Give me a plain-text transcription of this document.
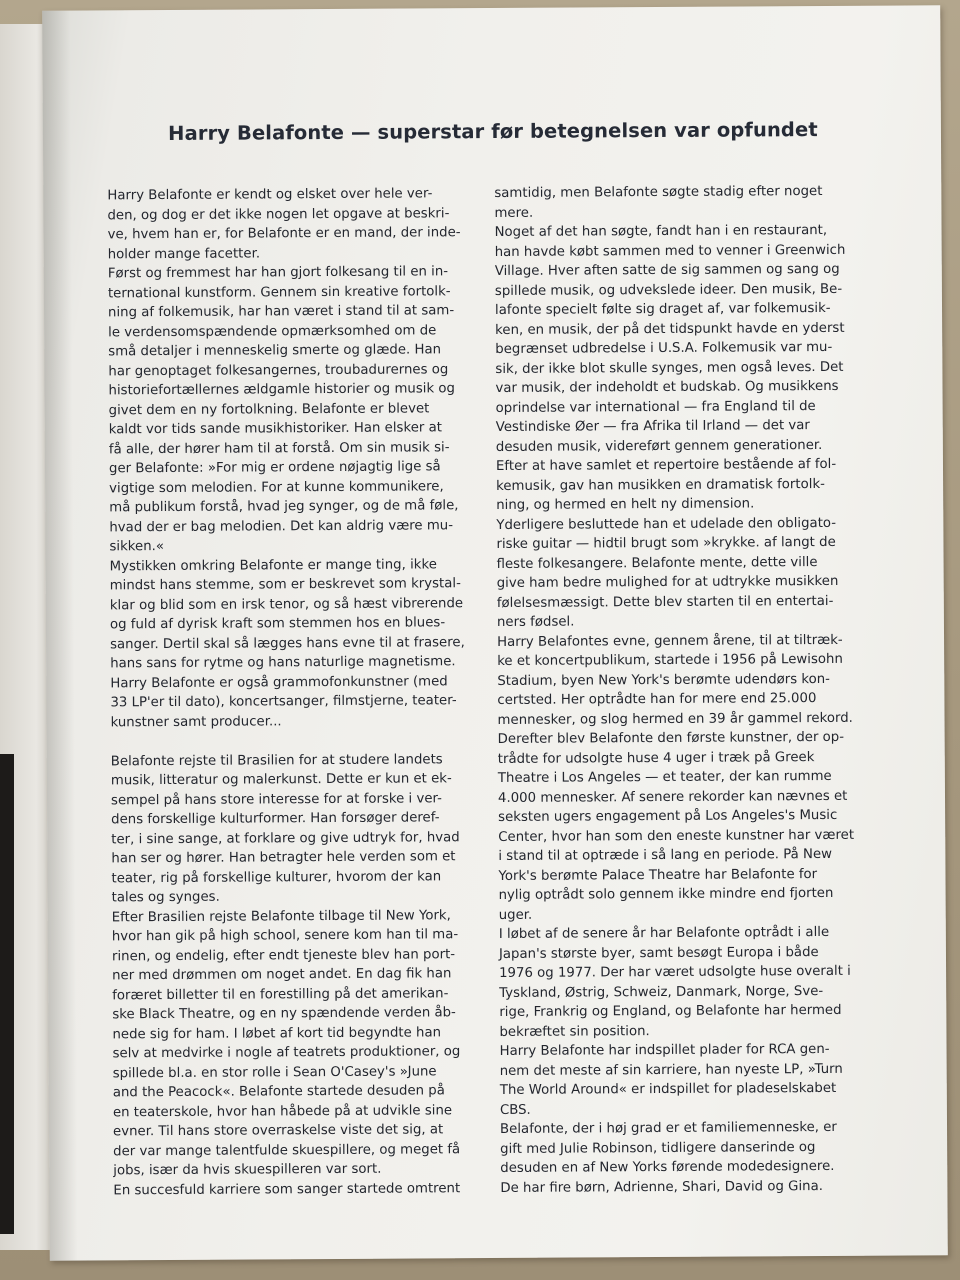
Harry Belafonte — superstar før betegnelsen var opfundet
Harry Belafonte er kendt og elsket over hele ver-
den, og dog er det ikke nogen let opgave at beskri-
ve, hvem han er, for Belafonte er en mand, der inde-
holder mange facetter.
Først og fremmest har han gjort folkesang til en in-
ternational kunstform. Gennem sin kreative fortolk-
ning af folkemusik, har han været i stand til at sam-
le verdensomspændende opmærksomhed om de
små detaljer i menneskelig smerte og glæde. Han
har genoptaget folkesangernes, troubadurernes og
historiefortællernes ældgamle historier og musik og
givet dem en ny fortolkning. Belafonte er blevet
kaldt vor tids sande musikhistoriker. Han elsker at
få alle, der hører ham til at forstå. Om sin musik si-
ger Belafonte: »For mig er ordene nøjagtig lige så
vigtige som melodien. For at kunne kommunikere,
må publikum forstå, hvad jeg synger, og de må føle,
hvad der er bag melodien. Det kan aldrig være mu-
sikken.«
Mystikken omkring Belafonte er mange ting, ikke
mindst hans stemme, som er beskrevet som krystal-
klar og blid som en irsk tenor, og så hæst vibrerende
og fuld af dyrisk kraft som stemmen hos en blues-
sanger. Dertil skal så lægges hans evne til at frasere,
hans sans for rytme og hans naturlige magnetisme.
Harry Belafonte er også grammofonkunstner (med
33 LP'er til dato), koncertsanger, filmstjerne, teater-
kunstner samt producer...
Belafonte rejste til Brasilien for at studere landets
musik, litteratur og malerkunst. Dette er kun et ek-
sempel på hans store interesse for at forske i ver-
dens forskellige kulturformer. Han forsøger deref-
ter, i sine sange, at forklare og give udtryk for, hvad
han ser og hører. Han betragter hele verden som et
teater, rig på forskellige kulturer, hvorom der kan
tales og synges.
Efter Brasilien rejste Belafonte tilbage til New York,
hvor han gik på high school, senere kom han til ma-
rinen, og endelig, efter endt tjeneste blev han port-
ner med drømmen om noget andet. En dag fik han
foræret billetter til en forestilling på det amerikan-
ske Black Theatre, og en ny spændende verden åb-
nede sig for ham. I løbet af kort tid begyndte han
selv at medvirke i nogle af teatrets produktioner, og
spillede bl.a. en stor rolle i Sean O'Casey's »June
and the Peacock«. Belafonte startede desuden på
en teaterskole, hvor han håbede på at udvikle sine
evner. Til hans store overraskelse viste det sig, at
der var mange talentfulde skuespillere, og meget få
jobs, især da hvis skuespilleren var sort.
En succesfuld karriere som sanger startede omtrent
samtidig, men Belafonte søgte stadig efter noget
mere.
Noget af det han søgte, fandt han i en restaurant,
han havde købt sammen med to venner i Greenwich
Village. Hver aften satte de sig sammen og sang og
spillede musik, og udvekslede ideer. Den musik, Be-
lafonte specielt følte sig draget af, var folkemusik-
ken, en musik, der på det tidspunkt havde en yderst
begrænset udbredelse i U.S.A. Folkemusik var mu-
sik, der ikke blot skulle synges, men også leves. Det
var musik, der indeholdt et budskab. Og musikkens
oprindelse var international — fra England til de
Vestindiske Øer — fra Afrika til Irland — det var
desuden musik, videreført gennem generationer.
Efter at have samlet et repertoire bestående af fol-
kemusik, gav han musikken en dramatisk fortolk-
ning, og hermed en helt ny dimension.
Yderligere besluttede han et udelade den obligato-
riske guitar — hidtil brugt som »krykke. af langt de
fleste folkesangere. Belafonte mente, dette ville
give ham bedre mulighed for at udtrykke musikken
følelsesmæssigt. Dette blev starten til en entertai-
ners fødsel.
Harry Belafontes evne, gennem årene, til at tiltræk-
ke et koncertpublikum, startede i 1956 på Lewisohn
Stadium, byen New York's berømte udendørs kon-
certsted. Her optrådte han for mere end 25.000
mennesker, og slog hermed en 39 år gammel rekord.
Derefter blev Belafonte den første kunstner, der op-
trådte for udsolgte huse 4 uger i træk på Greek
Theatre i Los Angeles — et teater, der kan rumme
4.000 mennesker. Af senere rekorder kan nævnes et
seksten ugers engagement på Los Angeles's Music
Center, hvor han som den eneste kunstner har været
i stand til at optræde i så lang en periode. På New
York's berømte Palace Theatre har Belafonte for
nylig optrådt solo gennem ikke mindre end fjorten
uger.
I løbet af de senere år har Belafonte optrådt i alle
Japan's største byer, samt besøgt Europa i både
1976 og 1977. Der har været udsolgte huse overalt i
Tyskland, Østrig, Schweiz, Danmark, Norge, Sve-
rige, Frankrig og England, og Belafonte har hermed
bekræftet sin position.
Harry Belafonte har indspillet plader for RCA gen-
nem det meste af sin karriere, han nyeste LP, »Turn
The World Around« er indspillet for pladeselskabet
CBS.
Belafonte, der i høj grad er et familiemenneske, er
gift med Julie Robinson, tidligere danserinde og
desuden en af New Yorks førende modedesignere.
De har fire børn, Adrienne, Shari, David og Gina.
